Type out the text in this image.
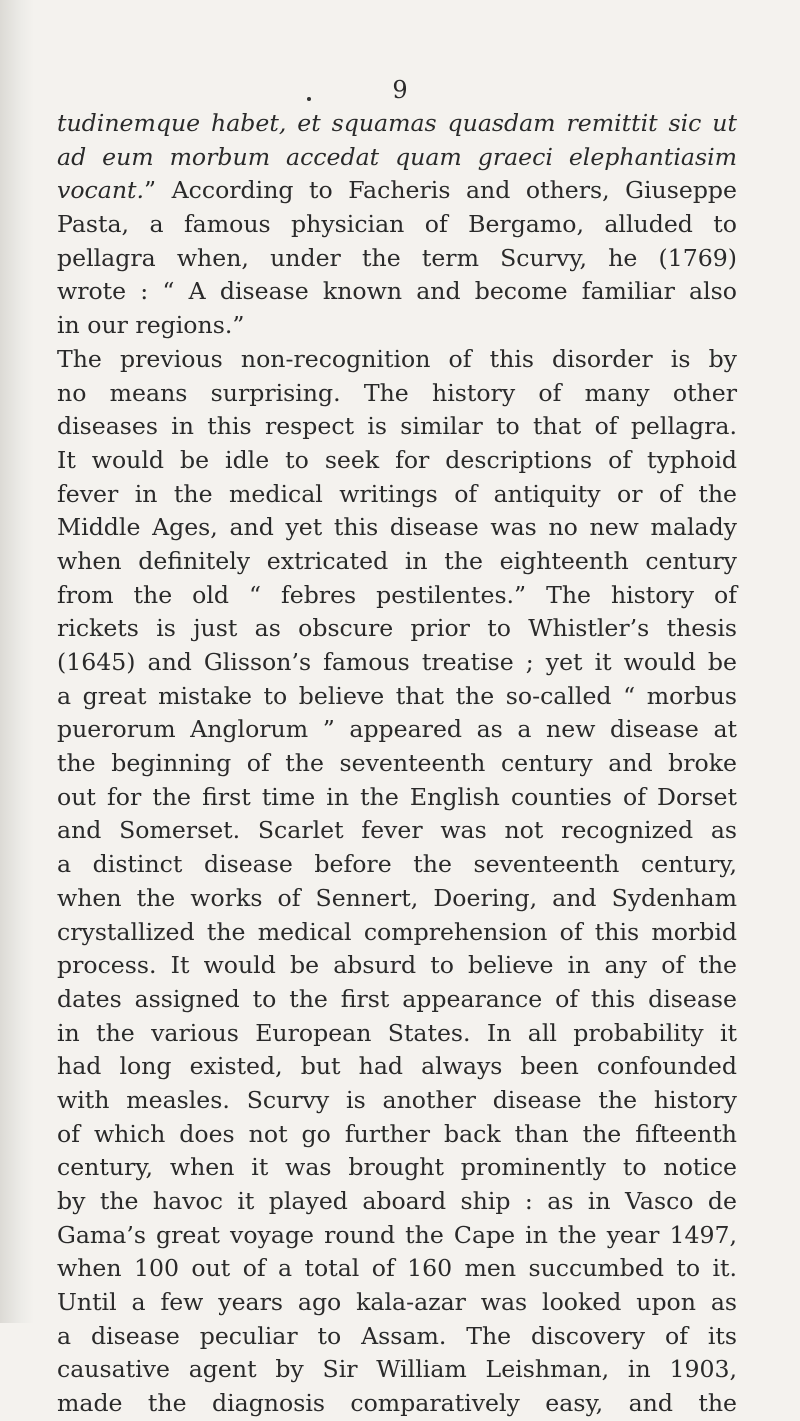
9
tudinemque habet, et squamas quasdam remittit sic ut
ad eum morbum accedat quam graeci elephantiasim
vocant.” According to Facheris and others, Giuseppe
Pasta, a famous physician of Bergamo, alluded to
pellagra when, under the term Scurvy, he (1769)
wrote : “ A disease known and become familiar also
in our regions.”
The previous non-recognition of this disorder is by
no means surprising. The history of many other
diseases in this respect is similar to that of pellagra.
It would be idle to seek for descriptions of typhoid
fever in the medical writings of antiquity or of the
Middle Ages, and yet this disease was no new malady
when definitely extricated in the eighteenth century
from the old “ febres pestilentes.” The history of
rickets is just as obscure prior to Whistler’s thesis
(1645) and Glisson’s famous treatise ; yet it would be
a great mistake to believe that the so-called “ morbus
puerorum Anglorum ” appeared as a new disease at
the beginning of the seventeenth century and broke
out for the first time in the English counties of Dorset
and Somerset. Scarlet fever was not recognized as
a distinct disease before the seventeenth century,
when the works of Sennert, Doering, and Sydenham
crystallized the medical comprehension of this morbid
process. It would be absurd to believe in any of the
dates assigned to the first appearance of this disease
in the various European States. In all probability it
had long existed, but had always been confounded
with measles. Scurvy is another disease the history
of which does not go further back than the fifteenth
century, when it was brought prominently to notice
by the havoc it played aboard ship : as in Vasco de
Gama’s great voyage round the Cape in the year 1497,
when 100 out of a total of 160 men succumbed to it.
Until a few years ago kala-azar was looked upon as
a disease peculiar to Assam. The discovery of its
causative agent by Sir William Leishman, in 1903,
made the diagnosis comparatively easy, and the
